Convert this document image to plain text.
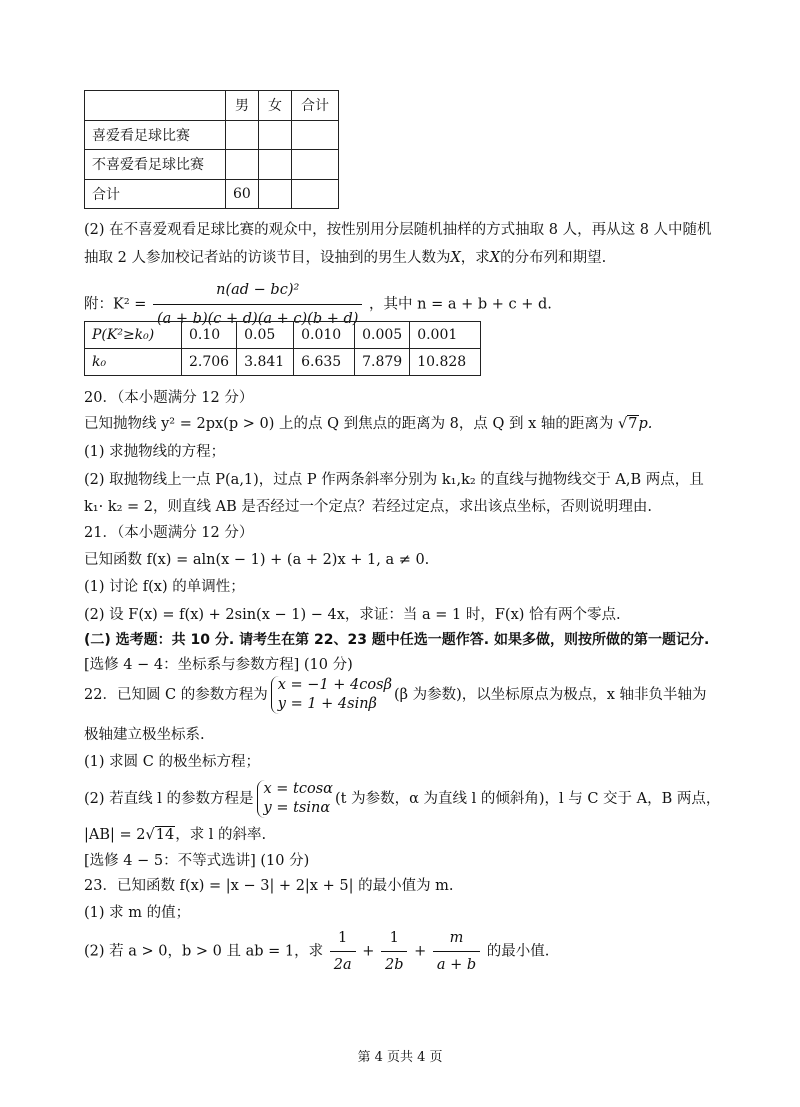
	男	女	合计
喜爱看足球比赛			
不喜爱看足球比赛			
合计	60		
(2) 在不喜爱观看足球比赛的观众中，按性别用分层随机抽样的方式抽取 8 人，再从这 8 人中随机
抽取 2 人参加校记者站的访谈节目，设抽到的男生人数为X，求X的分布列和期望.
附：$K^2 = \frac{\text{n(ad − bc)²}}{(a + b)(c + d)(a + c)(b + d)}$ ，其中 n = a + b + c + d.
P(K²≥k₀)	0.10	0.05	0.010	0.005	0.001
k₀	2.706	3.841	6.635	7.879	10.828
20．（本小题满分 12 分）
已知抛物线 y² = 2px(p > 0) 上的点 Q 到焦点的距离为 8，点 Q 到 x 轴的距离为 √7p.
(1) 求抛物线的方程；
(2) 取抛物线上一点 P(a,1)，过点 P 作两条斜率分别为 k₁,k₂ 的直线与抛物线交于 A,B 两点，且
k₁· k₂ = 2，则直线 AB 是否经过一个定点？若经过定点，求出该点坐标，否则说明理由.
21．（本小题满分 12 分）
已知函数 f(x) = aln(x − 1) + (a + 2)x + 1, a ≠ 0.
(1) 讨论 f(x) 的单调性；
(2) 设 F(x) = f(x) + 2sin(x − 1) − 4x，求证：当 a = 1 时，F(x) 恰有两个零点.
(二) 选考题：共 10 分. 请考生在第 22、23 题中任选一题作答. 如果多做，则按所做的第一题记分.
[选修 4 − 4：坐标系与参数方程] (10 分)
22．已知圆 C 的参数方程为x = −1 + 4cosβ
y = 1 + 4sinβ(β 为参数)，以坐标原点为极点，x 轴非负半轴为
极轴建立极坐标系.
(1) 求圆 C 的极坐标方程；
(2) 若直线 l 的参数方程是x = tcosα
y = tsinα(t 为参数，α 为直线 l 的倾斜角)，l 与 C 交于 A，B 两点，
|AB| = 2√14，求 l 的斜率.
[选修 4 − 5：不等式选讲] (10 分)
23．已知函数 f(x) = |x − 3| + 2|x + 5| 的最小值为 m.
(1) 求 m 的值；
(2) 若 a > 0，b > 0 且 ab = 1，求 $\frac{1}{2a} + \frac{1}{2b} + \frac{m}{a + b}$ 的最小值.
第 4 页共 4 页
